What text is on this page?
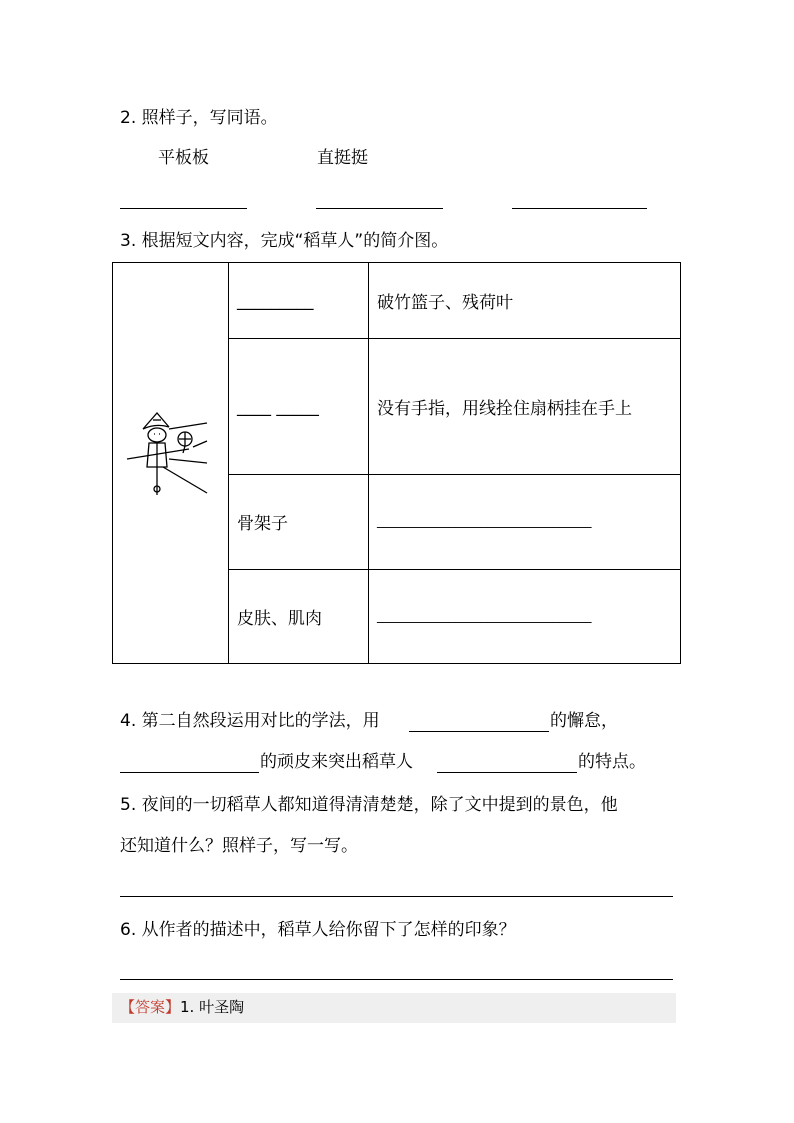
2. 照样子，写同语。
平板板	直挺挺
3. 根据短文内容，完成“稻草人”的简介图。
	_________	破竹篮子、残荷叶
	____ _____	没有手指，用线拴住扇柄挂在手上
	骨架子	_________________________________
	皮肤、肌肉	_________________________________
4. 第二自然段运用对比的学法，用	的懈怠，
的顽皮来突出稻草人	的特点。
5. 夜间的一切稻草人都知道得清清楚楚，除了文中提到的景色，他
还知道什么？照样子，写一写。
6. 从作者的描述中，稻草人给你留下了怎样的印象？
【答案】1. 叶圣陶
